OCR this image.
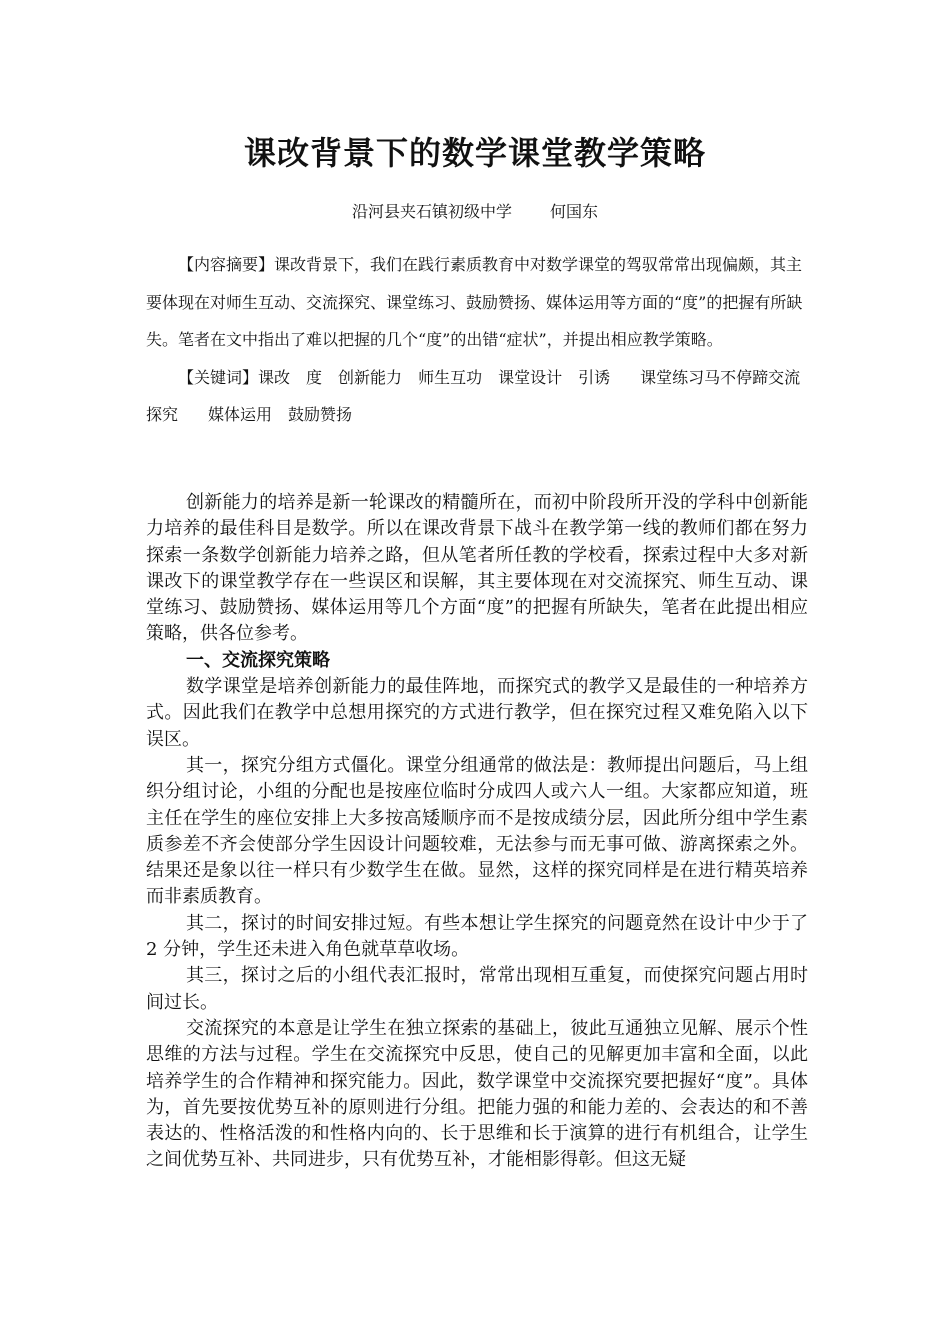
课改背景下的数学课堂教学策略
沿河县夹石镇初级中学 何国东

【内容摘要】课改背景下，我们在践行素质教育中对数学课堂的驾驭常常出现偏颇，其主要体现在对师生互动、交流探究、课堂练习、鼓励赞扬、媒体运用等方面的“度”的把握有所缺失。笔者在文中指出了难以把握的几个“度”的出错“症状”，并提出相应教学策略。

【关键词】课改 度 创新能力 师生互功 课堂设计 引诱 课堂练习马不停蹄交流探究 媒体运用 鼓励赞扬

创新能力的培养是新一轮课改的精髓所在，而初中阶段所开没的学科中创新能力培养的最佳科目是数学。所以在课改背景下战斗在教学第一线的教师们都在努力探索一条数学创新能力培养之路，但从笔者所任教的学校看，探索过程中大多对新课改下的课堂教学存在一些误区和误解，其主要体现在对交流探究、师生互动、课堂练习、鼓励赞扬、媒体运用等几个方面“度”的把握有所缺失，笔者在此提出相应策略，供各位参考。

一、交流探究策略

数学课堂是培养创新能力的最佳阵地，而探究式的教学又是最佳的一种培养方式。因此我们在教学中总想用探究的方式进行教学，但在探究过程又难免陷入以下误区。

其一，探究分组方式僵化。课堂分组通常的做法是：教师提出问题后，马上组织分组讨论，小组的分配也是按座位临时分成四人或六人一组。大家都应知道，班主任在学生的座位安排上大多按高矮顺序而不是按成绩分层，因此所分组中学生素质参差不齐会使部分学生因设计问题较难，无法参与而无事可做、游离探索之外。结果还是象以往一样只有少数学生在做。显然，这样的探究同样是在进行精英培养而非素质教育。

其二，探讨的时间安排过短。有些本想让学生探究的问题竟然在设计中少于了 2 分钟，学生还未进入角色就草草收场。

其三，探讨之后的小组代表汇报时，常常出现相互重复，而使探究问题占用时间过长。

交流探究的本意是让学生在独立探索的基础上，彼此互通独立见解、展示个性思维的方法与过程。学生在交流探究中反思，使自己的见解更加丰富和全面，以此培养学生的合作精神和探究能力。因此，数学课堂中交流探究要把握好“度”。具体为，首先要按优势互补的原则进行分组。把能力强的和能力差的、会表达的和不善表达的、性格活泼的和性格内向的、长于思维和长于演算的进行有机组合，让学生之间优势互补、共同进步，只有优势互补，才能相影得彰。但这无疑
